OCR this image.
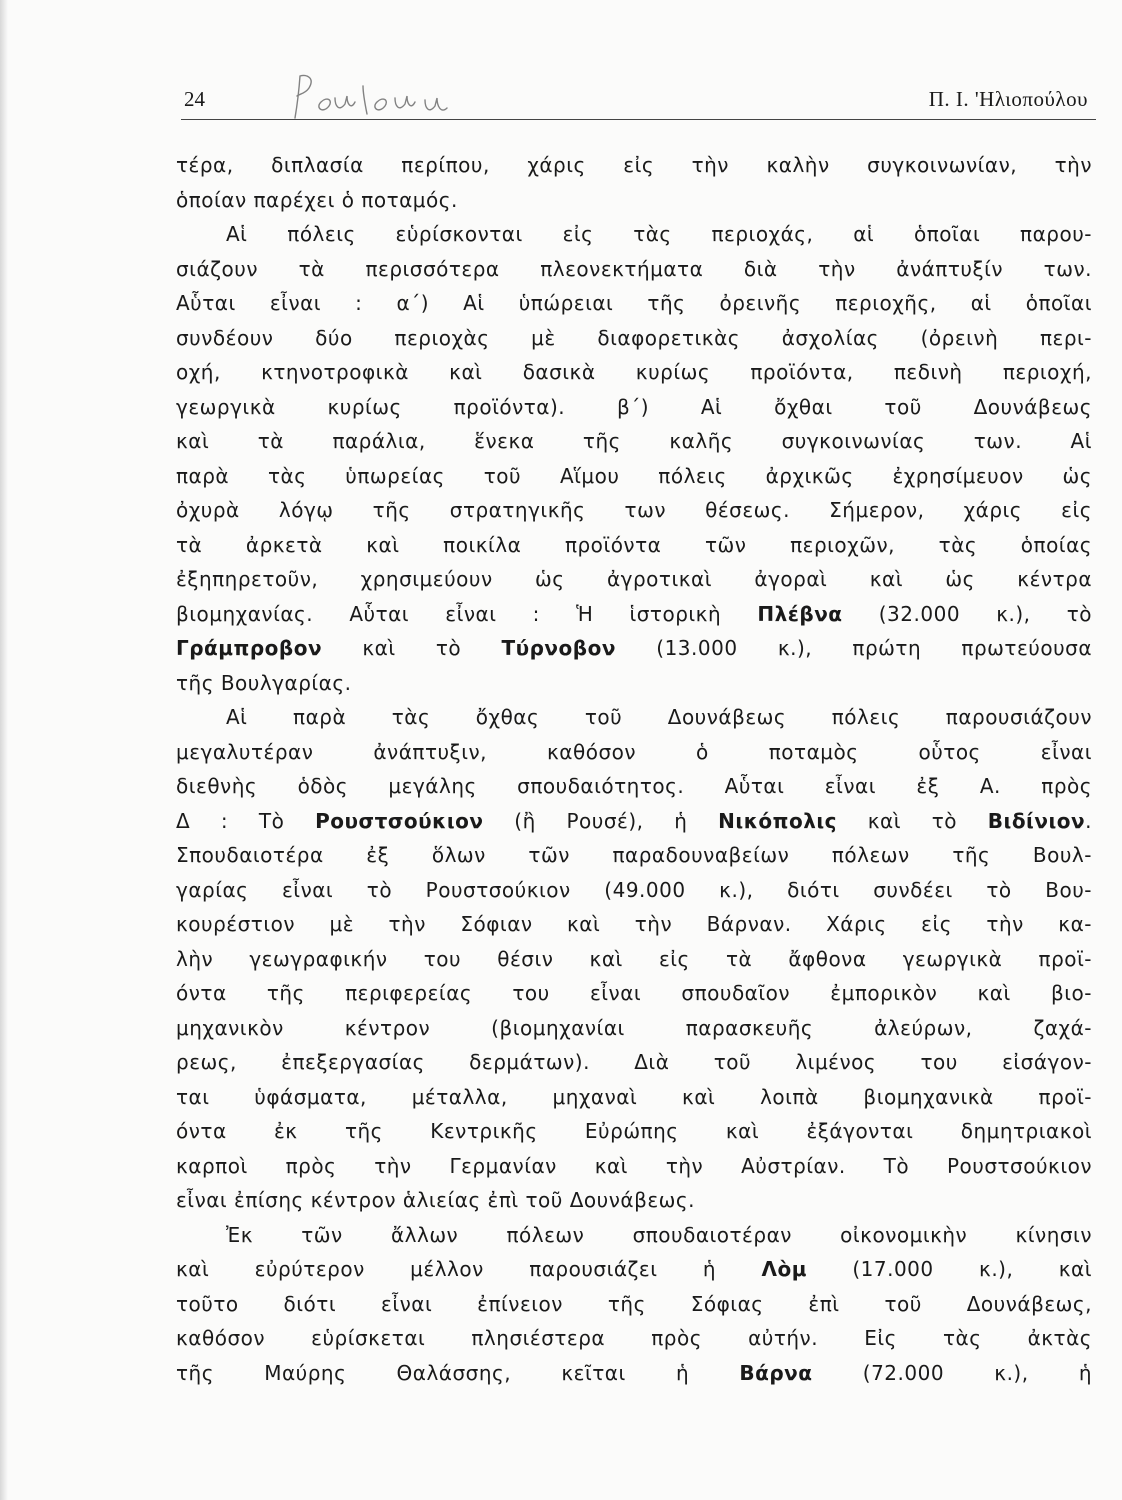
24	Π. Ι. 'Ηλιοπούλου
τέρα, διπλασία περίπου, χάρις εἰς τὴν καλὴν συγκοινωνίαν, τὴν
ὁποίαν παρέχει ὁ ποταμός.
Αἱ πόλεις εὑρίσκονται εἰς τὰς περιοχάς, αἱ ὁποῖαι παρου-
σιάζουν τὰ περισσότερα πλεονεκτήματα διὰ τὴν ἀνάπτυξίν των.
Αὗται εἶναι : α΄) Αἱ ὑπώρειαι τῆς ὀρεινῆς περιοχῆς, αἱ ὁποῖαι
συνδέουν δύο περιοχὰς μὲ διαφορετικὰς ἀσχολίας (ὀρεινὴ περι-
οχή, κτηνοτροφικὰ καὶ δασικὰ κυρίως προϊόντα, πεδινὴ περιοχή,
γεωργικὰ κυρίως προϊόντα). β΄) Αἱ ὄχθαι τοῦ Δουνάβεως
καὶ τὰ παράλια, ἕνεκα τῆς καλῆς συγκοινωνίας των. Αἱ
παρὰ τὰς ὑπωρείας τοῦ Αἵμου πόλεις ἀρχικῶς ἐχρησίμευον ὡς
ὀχυρὰ λόγῳ τῆς στρατηγικῆς των θέσεως. Σήμερον, χάρις εἰς
τὰ ἀρκετὰ καὶ ποικίλα προϊόντα τῶν περιοχῶν, τὰς ὁποίας
ἐξηπηρετοῦν, χρησιμεύουν ὡς ἀγροτικαὶ ἀγοραὶ καὶ ὡς κέντρα
βιομηχανίας. Αὗται εἶναι : Ἡ ἱστορικὴ Πλέβνα (32.000 κ.), τὸ
Γράμπροβον καὶ τὸ Τύρνοβον (13.000 κ.), πρώτη πρωτεύουσα
τῆς Βουλγαρίας.
Αἱ παρὰ τὰς ὄχθας τοῦ Δουνάβεως πόλεις παρουσιάζουν
μεγαλυτέραν ἀνάπτυξιν, καθόσον ὁ ποταμὸς οὗτος εἶναι
διεθνὴς ὁδὸς μεγάλης σπουδαιότητος. Αὗται εἶναι ἐξ Α. πρὸς
Δ : Τὸ Ρουστσούκιον (ἢ Ρουσέ), ἡ Νικόπολις καὶ τὸ Βιδίνιον.
Σπουδαιοτέρα ἐξ ὅλων τῶν παραδουναβείων πόλεων τῆς Βουλ-
γαρίας εἶναι τὸ Ρουστσούκιον (49.000 κ.), διότι συνδέει τὸ Βου-
κουρέστιον μὲ τὴν Σόφιαν καὶ τὴν Βάρναν. Χάρις εἰς τὴν κα-
λὴν γεωγραφικήν του θέσιν καὶ εἰς τὰ ἄφθονα γεωργικὰ προϊ-
όντα τῆς περιφερείας του εἶναι σπουδαῖον ἐμπορικὸν καὶ βιο-
μηχανικὸν κέντρον (βιομηχανίαι παρασκευῆς ἀλεύρων, ζαχά-
ρεως, ἐπεξεργασίας δερμάτων). Διὰ τοῦ λιμένος του εἰσάγον-
ται ὑφάσματα, μέταλλα, μηχαναὶ καὶ λοιπὰ βιομηχανικὰ προϊ-
όντα ἐκ τῆς Κεντρικῆς Εὐρώπης καὶ ἐξάγονται δημητριακοὶ
καρποὶ πρὸς τὴν Γερμανίαν καὶ τὴν Αὐστρίαν. Τὸ Ρουστσούκιον
εἶναι ἐπίσης κέντρον ἁλιείας ἐπὶ τοῦ Δουνάβεως.
Ἐκ τῶν ἄλλων πόλεων σπουδαιοτέραν οἰκονομικὴν κίνησιν
καὶ εὐρύτερον μέλλον παρουσιάζει ἡ Λὸμ (17.000 κ.), καὶ
τοῦτο διότι εἶναι ἐπίνειον τῆς Σόφιας ἐπὶ τοῦ Δουνάβεως,
καθόσον εὑρίσκεται πλησιέστερα πρὸς αὐτήν. Εἰς τὰς ἀκτὰς
τῆς Μαύρης Θαλάσσης, κεῖται ἡ Βάρνα (72.000 κ.), ἡ
